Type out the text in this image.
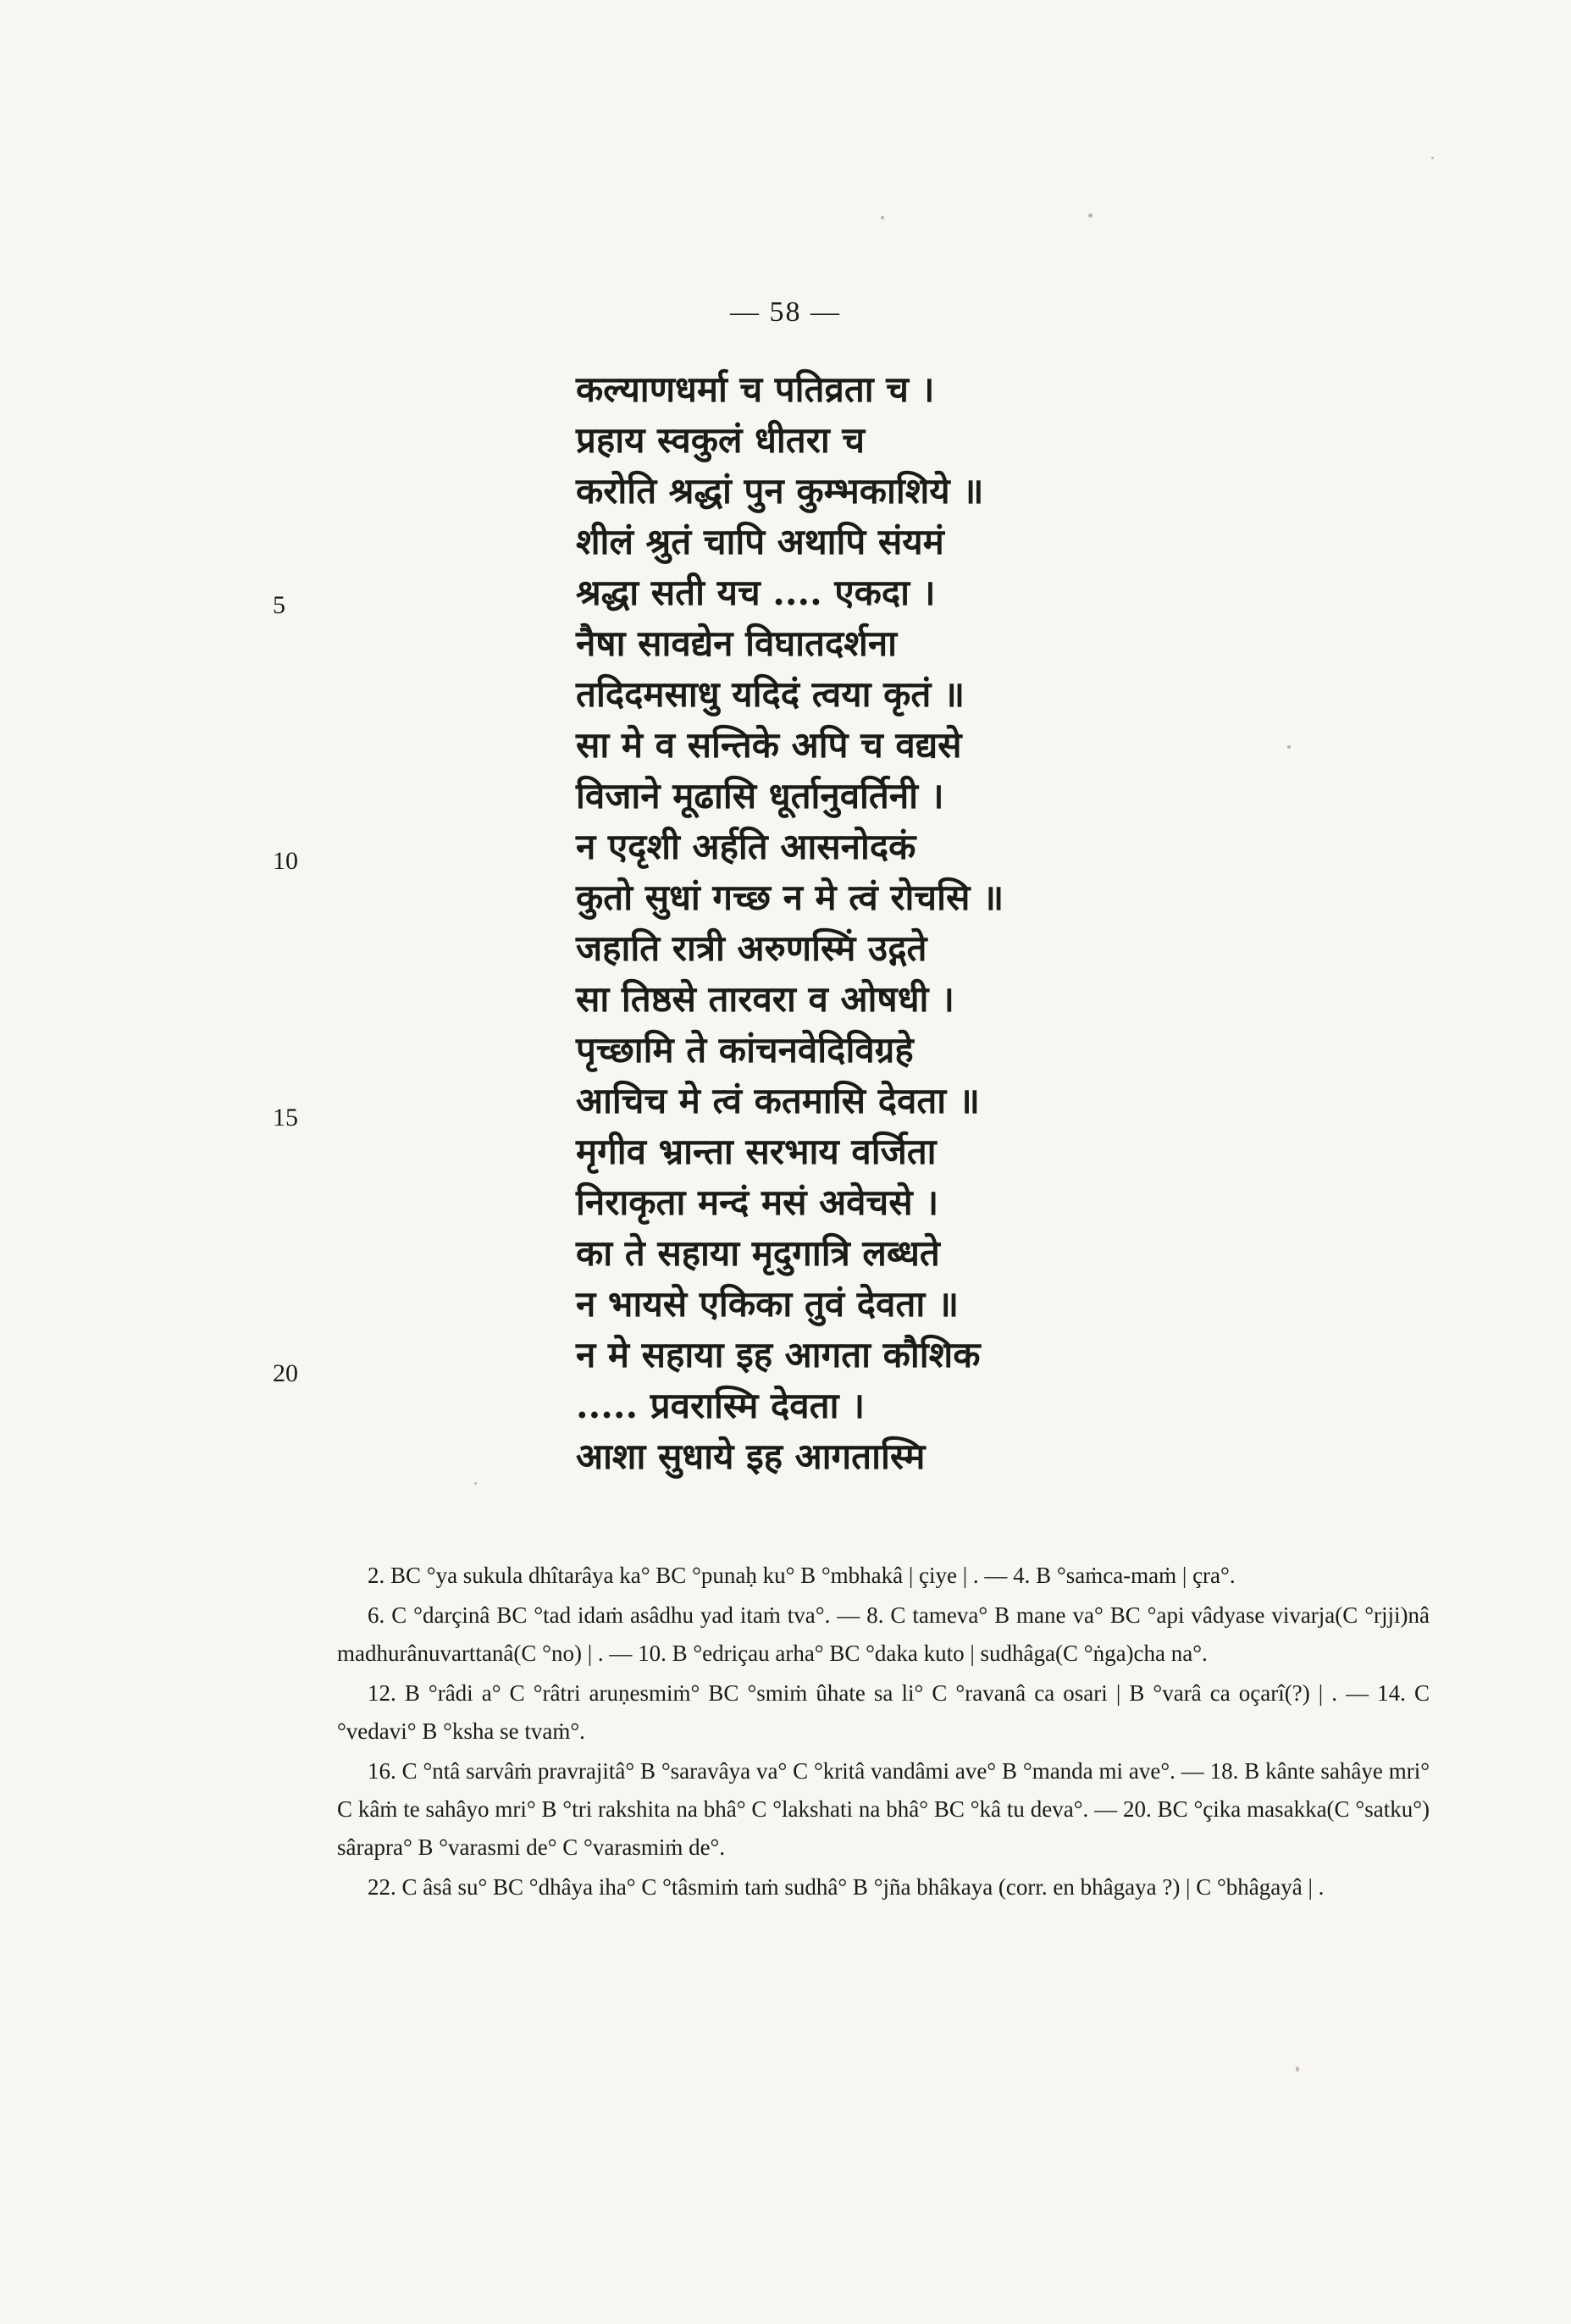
— 58 —
कल्याणधर्मा च पतिव्रता च ।
प्रहाय स्वकुलं धीतरा च
करोति श्रद्धां पुन कुम्भकाशिये ॥
शीलं श्रुतं चापि अथापि संयमं
श्रद्धा सती यच .... एकदा ।
नैषा सावद्येन विघातदर्शना
तदिदमसाधु यदिदं त्वया कृतं ॥
सा मे व सन्तिके अपि च वद्यसे
विजाने मूढासि धूर्तानुवर्तिनी ।
न एदृशी अर्हति आसनोदकं
कुतो सुधां गच्छ न मे त्वं रोचसि ॥
जहाति रात्री अरुणस्मिं उद्गते
सा तिष्ठसे तारवरा व ओषधी ।
पृच्छामि ते कांचनवेदिविग्रहे
आचिच मे त्वं कतमासि देवता ॥
मृगीव भ्रान्ता सरभाय वर्जिता
निराकृता मन्दं मसं अवेचसे ।
का ते सहाया मृदुगात्रि लब्धते
न भायसे एकिका तुवं देवता ॥
न मे सहाया इह आगता कौशिक
..... प्रवरास्मि देवता ।
आशा सुधाये इह आगतास्मि
5
10
15
20

2. BC °ya sukula dhîtarâya ka° BC °punaḥ ku° B °mbhakâ | çiye | . — 4. B °saṁca-maṁ | çra°.

6. C °darçinâ BC °tad idaṁ asâdhu yad itaṁ tva°. — 8. C tameva° B mane va° BC °api vâdyase vivarja(C °rjji)nâ madhurânuvarttanâ(C °no) | . — 10. B °edriçau arha° BC °daka kuto | sudhâga(C °ṅga)cha na°.

12. B °râdi a° C °râtri aruṇesmiṁ° BC °smiṁ ûhate sa li° C °ravanâ ca osari | B °varâ ca oçarî(?) | . — 14. C °vedavi° B °ksha se tvaṁ°.

16. C °ntâ sarvâṁ pravrajitâ° B °saravâya va° C °kritâ vandâmi ave° B °manda mi ave°. — 18. B kânte sahâye mri° C kâṁ te sahâyo mri° B °tri rakshita na bhâ° C °lakshati na bhâ° BC °kâ tu deva°. — 20. BC °çika masakka(C °satku°) sârapra° B °varasmi de° C °varasmiṁ de°.

22. C âsâ su° BC °dhâya iha° C °tâsmiṁ taṁ sudhâ° B °jña bhâkaya (corr. en bhâgaya ?) | C °bhâgayâ | .
